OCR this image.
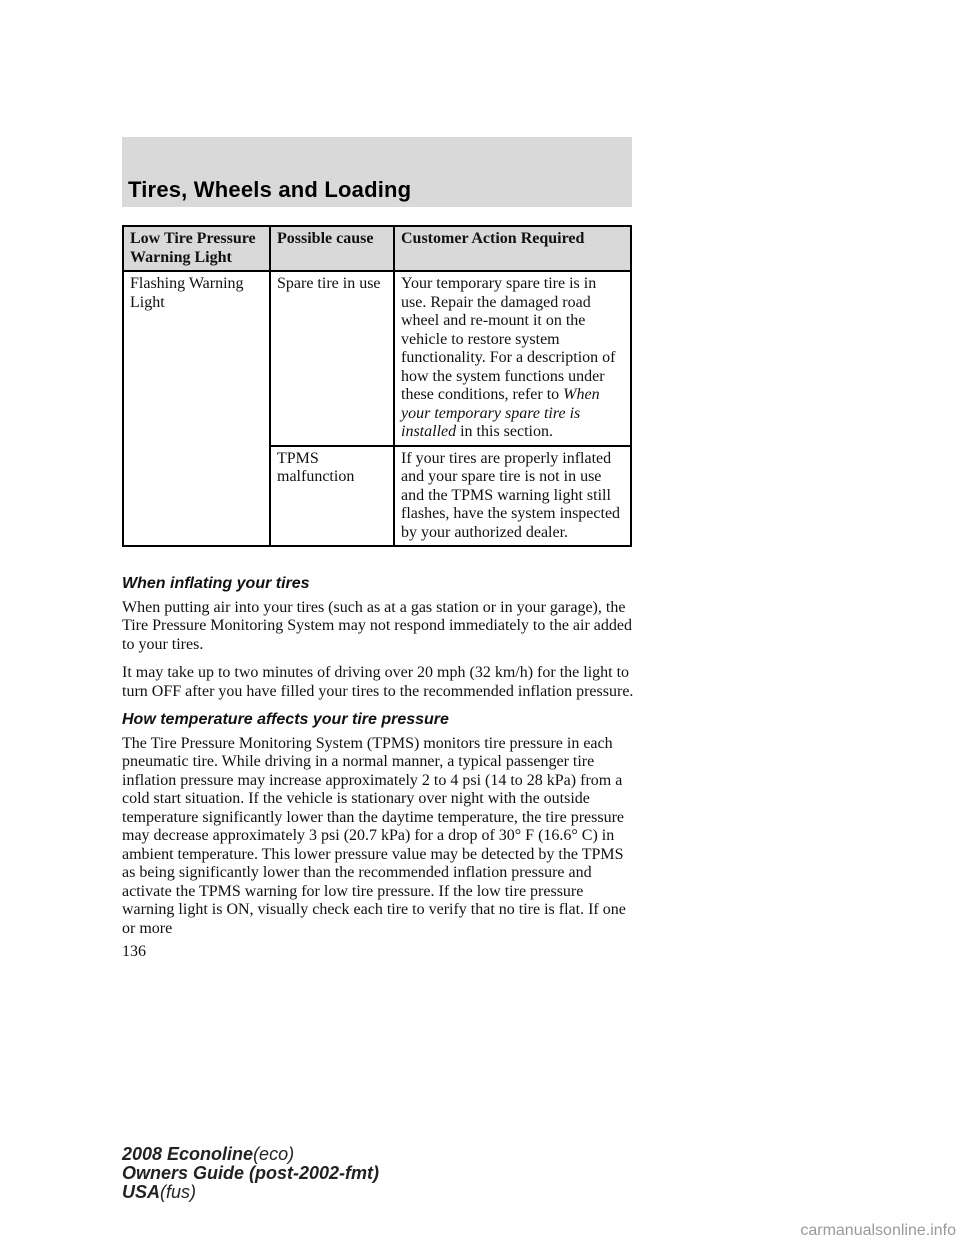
Tires, Wheels and Loading
Low Tire Pressure Warning Light	Possible cause	Customer Action Required
Flashing Warning Light	Spare tire in use	Your temporary spare tire is in use. Repair the damaged road wheel and re-mount it on the vehicle to restore system functionality. For a description of how the system functions under these conditions, refer to When your temporary spare tire is installed in this section.
	TPMS malfunction	If your tires are properly inflated and your spare tire is not in use and the TPMS warning light still flashes, have the system inspected by your authorized dealer.
When inflating your tires

When putting air into your tires (such as at a gas station or in your garage), the Tire Pressure Monitoring System may not respond immediately to the air added to your tires.

It may take up to two minutes of driving over 20 mph (32 km/h) for the light to turn OFF after you have filled your tires to the recommended inflation pressure.

How temperature affects your tire pressure

The Tire Pressure Monitoring System (TPMS) monitors tire pressure in each pneumatic tire. While driving in a normal manner, a typical passenger tire inflation pressure may increase approximately 2 to 4 psi (14 to 28 kPa) from a cold start situation. If the vehicle is stationary over night with the outside temperature significantly lower than the daytime temperature, the tire pressure may decrease approximately 3 psi (20.7 kPa) for a drop of 30° F (16.6° C) in ambient temperature. This lower pressure value may be detected by the TPMS as being significantly lower than the recommended inflation pressure and activate the TPMS warning for low tire pressure. If the low tire pressure warning light is ON, visually check each tire to verify that no tire is flat. If one or more

136
2008 Econoline(eco)
Owners Guide (post-2002-fmt)
USA(fus)
carmanualsonline.info
